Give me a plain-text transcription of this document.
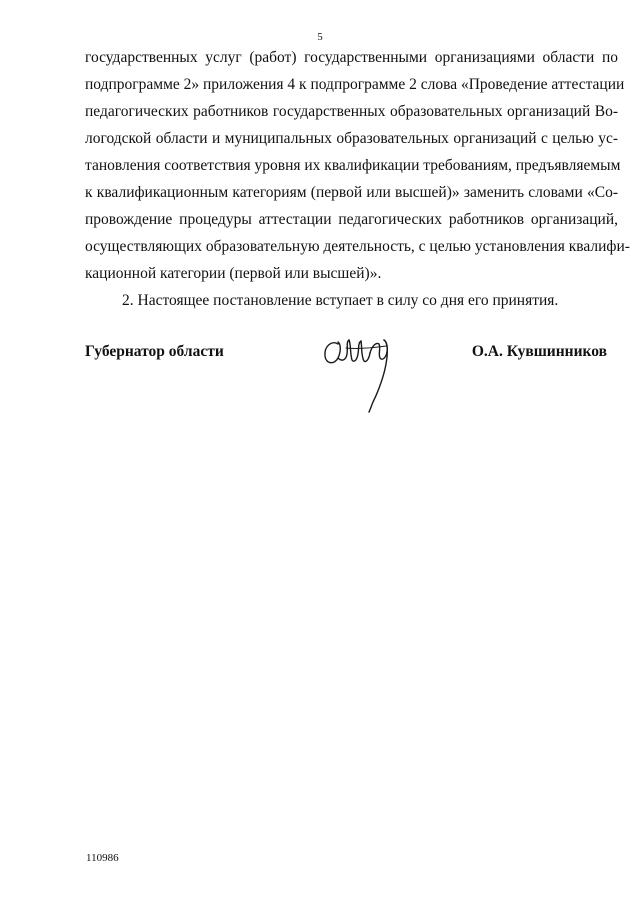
5
государственных услуг (работ) государственными организациями области по
подпрограмме 2» приложения 4 к подпрограмме 2 слова «Проведение аттестации
педагогических работников государственных образовательных организаций Во-
логодской области и муниципальных образовательных организаций с целью ус-
тановления соответствия уровня их квалификации требованиям, предъявляемым
к квалификационным категориям (первой или высшей)» заменить словами «Со-
провождение процедуры аттестации педагогических работников организаций,
осуществляющих образовательную деятельность, с целью установления квалифи-
кационной категории (первой или высшей)».
2. Настоящее постановление вступает в силу со дня его принятия.
Губернатор области	О.А. Кувшинников
110986
